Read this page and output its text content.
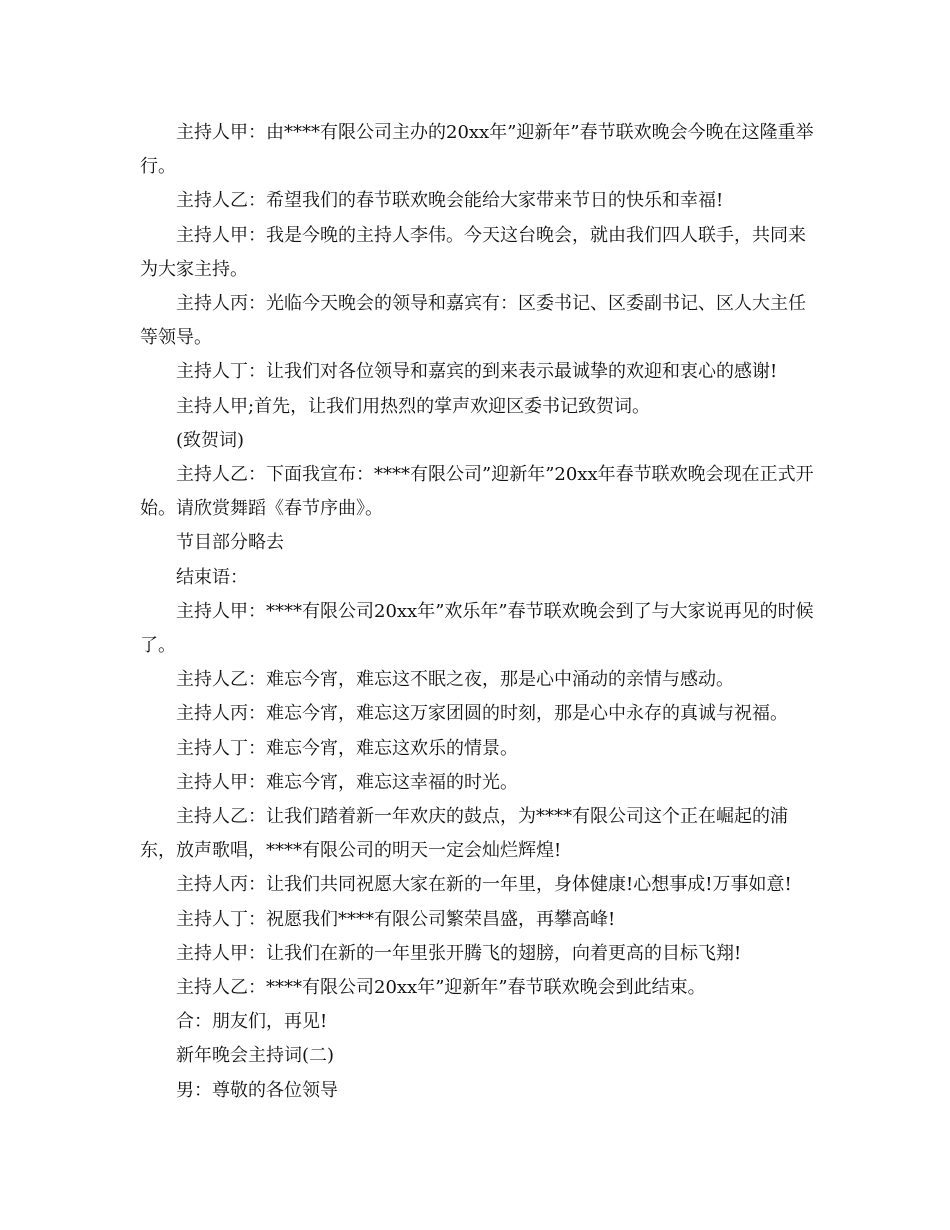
主持人甲：由****有限公司主办的20xx年”迎新年”春节联欢晚会今晚在这隆重举行。

主持人乙：希望我们的春节联欢晚会能给大家带来节日的快乐和幸福!

主持人甲：我是今晚的主持人李伟。今天这台晚会，就由我们四人联手，共同来为大家主持。

主持人丙：光临今天晚会的领导和嘉宾有：区委书记、区委副书记、区人大主任等领导。

主持人丁：让我们对各位领导和嘉宾的到来表示最诚挚的欢迎和衷心的感谢!

主持人甲;首先，让我们用热烈的掌声欢迎区委书记致贺词。

(致贺词)

主持人乙：下面我宣布：****有限公司”迎新年”20xx年春节联欢晚会现在正式开始。请欣赏舞蹈《春节序曲》。

节目部分略去

结束语：

主持人甲：****有限公司20xx年”欢乐年”春节联欢晚会到了与大家说再见的时候了。

主持人乙：难忘今宵，难忘这不眠之夜，那是心中涌动的亲情与感动。

主持人丙：难忘今宵，难忘这万家团圆的时刻，那是心中永存的真诚与祝福。

主持人丁：难忘今宵，难忘这欢乐的情景。

主持人甲：难忘今宵，难忘这幸福的时光。

主持人乙：让我们踏着新一年欢庆的鼓点，为****有限公司这个正在崛起的浦东，放声歌唱，****有限公司的明天一定会灿烂辉煌!

主持人丙：让我们共同祝愿大家在新的一年里，身体健康!心想事成!万事如意!

主持人丁：祝愿我们****有限公司繁荣昌盛，再攀高峰!

主持人甲：让我们在新的一年里张开腾飞的翅膀，向着更高的目标飞翔!

主持人乙：****有限公司20xx年”迎新年”春节联欢晚会到此结束。

合：朋友们，再见!

新年晚会主持词(二)

男：尊敬的各位领导
